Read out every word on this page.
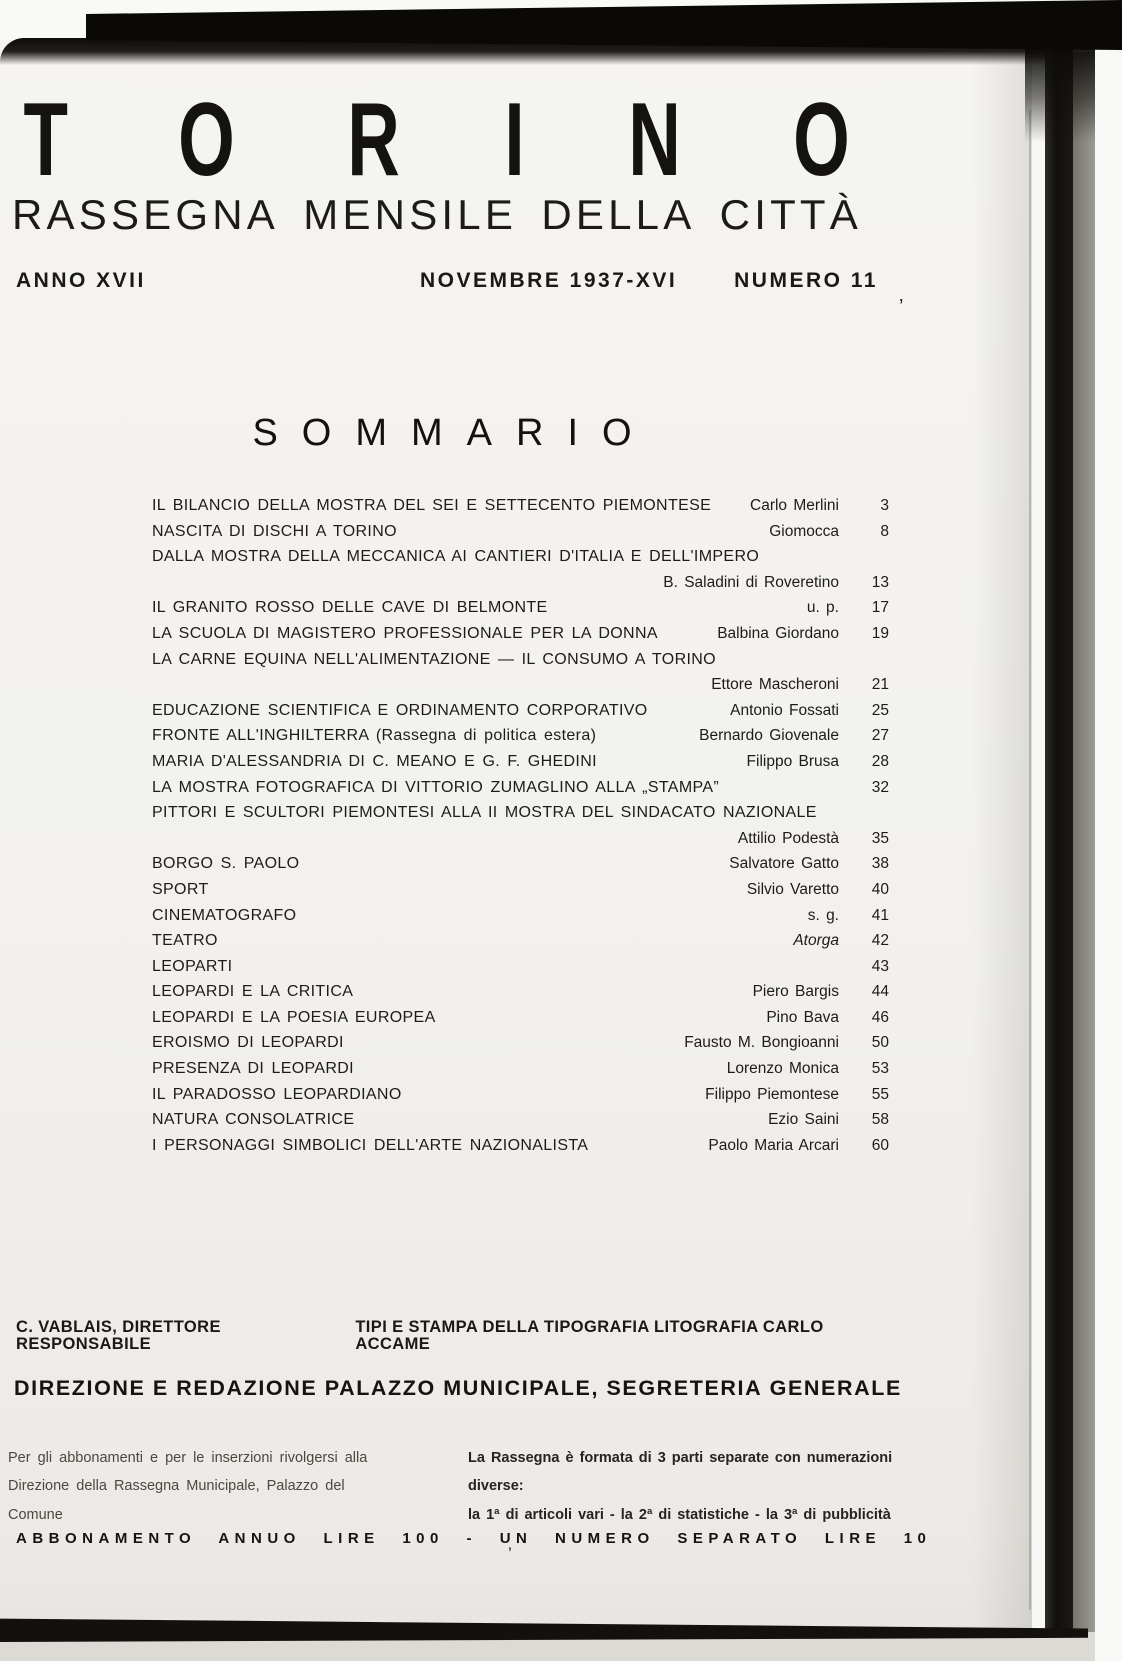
T O R I N O
RASSEGNA MENSILE DELLA CITTÀ
ANNO XVII	NOVEMBRE 1937-XVI	NUMERO 11
’
SOMMARIO
IL BILANCIO DELLA MOSTRA DEL SEI E SETTECENTO PIEMONTESE	Carlo Merlini	3
NASCITA DI DISCHI A TORINO	Giomocca	8
DALLA MOSTRA DELLA MECCANICA AI CANTIERI D'ITALIA E DELL'IMPERO
B. Saladini di Roveretino	13
IL GRANITO ROSSO DELLE CAVE DI BELMONTE	u. p.	17
LA SCUOLA DI MAGISTERO PROFESSIONALE PER LA DONNA	Balbina Giordano	19
LA CARNE EQUINA NELL'ALIMENTAZIONE — IL CONSUMO A TORINO
Ettore Mascheroni	21
EDUCAZIONE SCIENTIFICA E ORDINAMENTO CORPORATIVO	Antonio Fossati	25
FRONTE ALL'INGHILTERRA (Rassegna di politica estera)	Bernardo Giovenale	27
MARIA D'ALESSANDRIA DI C. MEANO E G. F. GHEDINI	Filippo Brusa	28
LA MOSTRA FOTOGRAFICA DI VITTORIO ZUMAGLINO ALLA „STAMPA”	32
PITTORI E SCULTORI PIEMONTESI ALLA II MOSTRA DEL SINDACATO NAZIONALE
Attilio Podestà	35
BORGO S. PAOLO	Salvatore Gatto	38
SPORT	Silvio Varetto	40
CINEMATOGRAFO	s. g.	41
TEATRO	Atorga	42
LEOPARTI	43
LEOPARDI E LA CRITICA	Piero Bargis	44
LEOPARDI E LA POESIA EUROPEA	Pino Bava	46
EROISMO DI LEOPARDI	Fausto M. Bongioanni	50
PRESENZA DI LEOPARDI	Lorenzo Monica	53
IL PARADOSSO LEOPARDIANO	Filippo Piemontese	55
NATURA CONSOLATRICE	Ezio Saini	58
I PERSONAGGI SIMBOLICI DELL'ARTE NAZIONALISTA	Paolo Maria Arcari	60
C. VABLAIS, DIRETTORE RESPONSABILE
TIPI E STAMPA DELLA TIPOGRAFIA LITOGRAFIA CARLO ACCAME
DIREZIONE E REDAZIONE PALAZZO MUNICIPALE, SEGRETERIA GENERALE
Per gli abbonamenti e per le inserzioni rivolgersi alla
Direzione della Rassegna Municipale, Palazzo del Comune
La Rassegna è formata di 3 parti separate con numerazioni diverse:
la 1ª di articoli vari - la 2ª di statistiche - la 3ª di pubblicità
ABBONAMENTO ANNUO LIRE 100 - UN NUMERO SEPARATO LIRE 10
’
